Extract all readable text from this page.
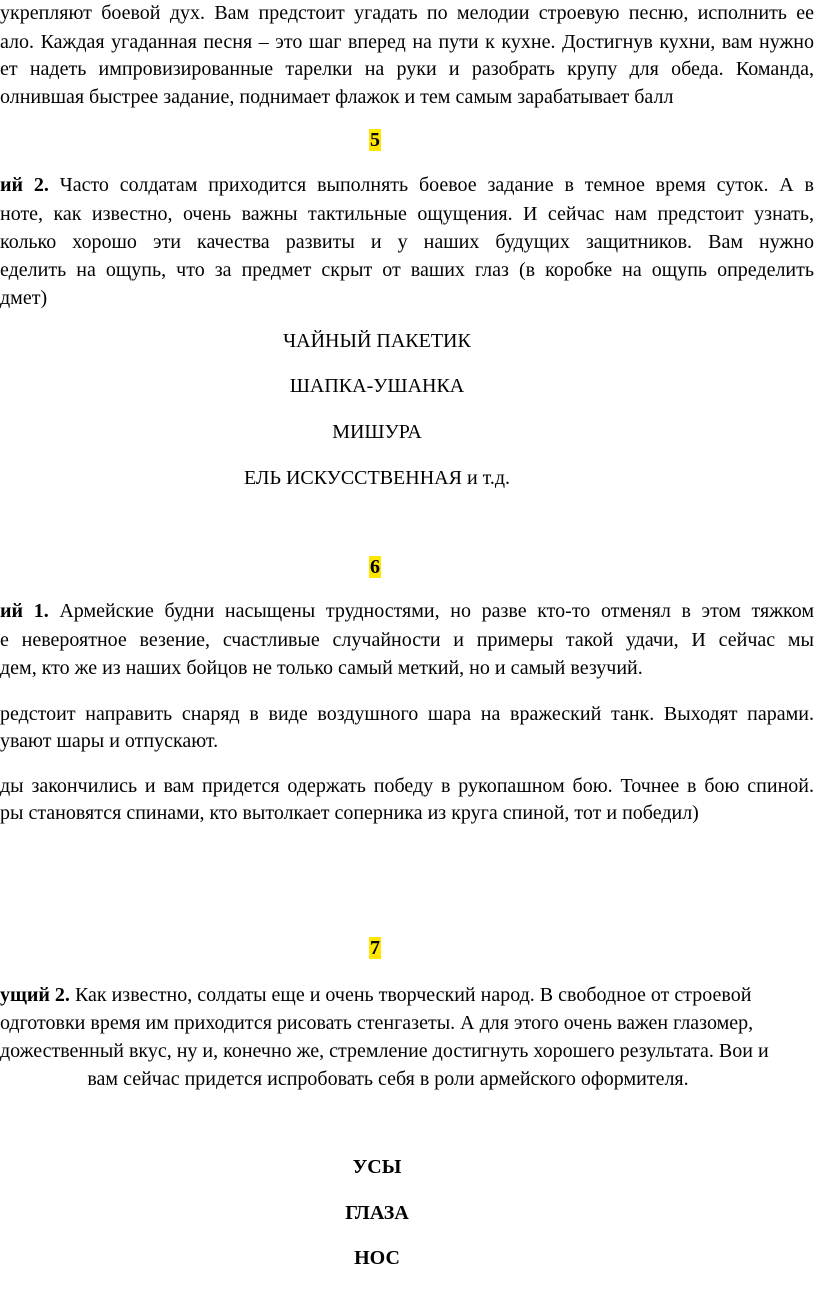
укрепляют боевой дух. Вам предстоит угадать по мелодии строевую песню, исполнить ее
ало. Каждая угаданная песня – это шаг вперед на пути к кухне. Достигнув кухни, вам нужно
ет надеть импровизированные тарелки на руки и разобрать крупу для обеда. Команда,
олнившая быстрее задание, поднимает флажок и тем самым зарабатывает балл
5
ий 2. Часто солдатам приходится выполнять боевое задание в темное время суток. А в
ноте, как известно, очень важны тактильные ощущения. И сейчас нам предстоит узнать,
колько хорошо эти качества развиты и у наших будущих защитников. Вам нужно
еделить на ощупь, что за предмет скрыт от ваших глаз (в коробке на ощупь определить
дмет)
ЧАЙНЫЙ ПАКЕТИК
ШАПКА-УШАНКА
МИШУРА
ЕЛЬ ИСКУССТВЕННАЯ и т.д.
6
ий 1. Армейские будни насыщены трудностями, но разве кто-то отменял в этом тяжком
е невероятное везение, счастливые случайности и примеры такой удачи, И сейчас мы
дем, кто же из наших бойцов не только самый меткий, но и самый везучий.
редстоит направить снаряд в виде воздушного шара на вражеский танк. Выходят парами.
увают шары и отпускают.
ды закончились и вам придется одержать победу в рукопашном бою. Точнее в бою спиной.
ры становятся спинами, кто вытолкает соперника из круга спиной, тот и победил)
7
ущий 2. Как известно, солдаты еще и очень творческий народ. В свободное от строевой
одготовки время им приходится рисовать стенгазеты. А для этого очень важен глазомер,
дожественный вкус, ну и, конечно же, стремление достигнуть хорошего результата. Вои и
вам сейчас придется испробовать себя в роли армейского оформителя.
УСЫ
ГЛАЗА
НОС
